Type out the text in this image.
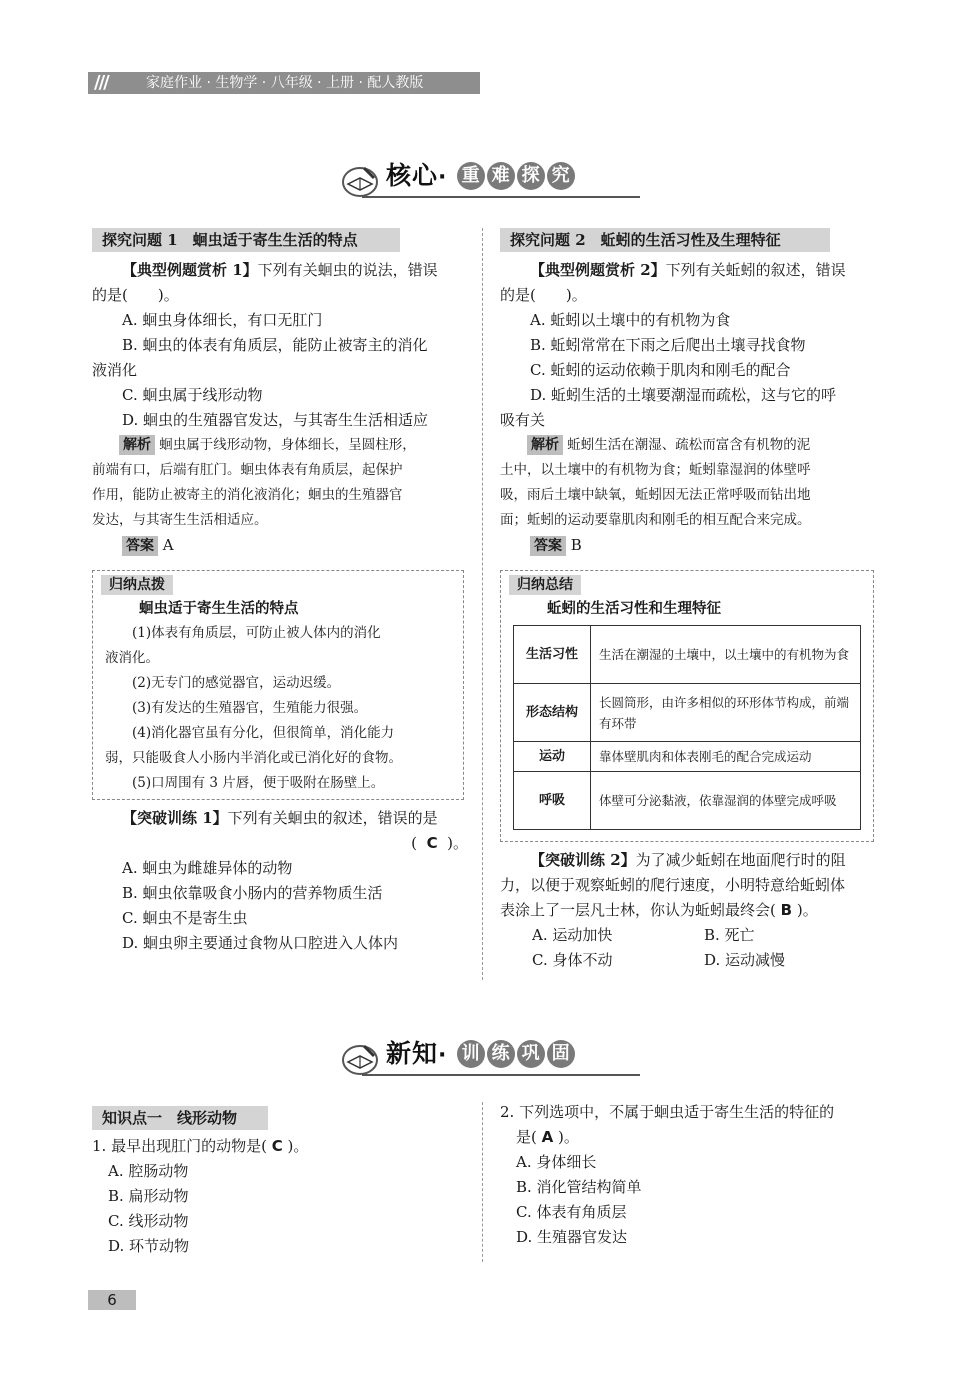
///	家庭作业 · 生物学 · 八年级 · 上册 · 配人教版
核心· 重 难 探 究
探究问题 1　蛔虫适于寄生生活的特点
【典型例题赏析 1】下列有关蛔虫的说法，错误
的是(　　)。
A. 蛔虫身体细长，有口无肛门
B. 蛔虫的体表有角质层，能防止被寄主的消化
液消化
C. 蛔虫属于线形动物
D. 蛔虫的生殖器官发达，与其寄生生活相适应
解析 蛔虫属于线形动物，身体细长，呈圆柱形，
前端有口，后端有肛门。蛔虫体表有角质层，起保护
作用，能防止被寄主的消化液消化；蛔虫的生殖器官
发达，与其寄生生活相适应。
答案 A
归纳点拨
蛔虫适于寄生生活的特点
(1)体表有角质层，可防止被人体内的消化
液消化。
(2)无专门的感觉器官，运动迟缓。
(3)有发达的生殖器官，生殖能力很强。
(4)消化器官虽有分化，但很简单，消化能力
弱，只能吸食人小肠内半消化或已消化好的食物。
(5)口周围有 3 片唇，便于吸附在肠壁上。
【突破训练 1】下列有关蛔虫的叙述，错误的是
( C )。
A. 蛔虫为雌雄异体的动物
B. 蛔虫依靠吸食小肠内的营养物质生活
C. 蛔虫不是寄生虫
D. 蛔虫卵主要通过食物从口腔进入人体内
探究问题 2　蚯蚓的生活习性及生理特征
【典型例题赏析 2】下列有关蚯蚓的叙述，错误
的是(　　)。
A. 蚯蚓以土壤中的有机物为食
B. 蚯蚓常常在下雨之后爬出土壤寻找食物
C. 蚯蚓的运动依赖于肌肉和刚毛的配合
D. 蚯蚓生活的土壤要潮湿而疏松，这与它的呼
吸有关
解析 蚯蚓生活在潮湿、疏松而富含有机物的泥
土中，以土壤中的有机物为食；蚯蚓靠湿润的体壁呼
吸，雨后土壤中缺氧，蚯蚓因无法正常呼吸而钻出地
面；蚯蚓的运动要靠肌肉和刚毛的相互配合来完成。
答案 B
归纳总结
蚯蚓的生活习性和生理特征
生活习性	生活在潮湿的土壤中，以土壤中的有机物为食
形态结构	长圆筒形，由许多相似的环形体节构成，前端有环带
运动	靠体壁肌肉和体表刚毛的配合完成运动
呼吸	体壁可分泌黏液，依靠湿润的体壁完成呼吸
【突破训练 2】为了减少蚯蚓在地面爬行时的阻
力，以便于观察蚯蚓的爬行速度，小明特意给蚯蚓体
表涂上了一层凡士林，你认为蚯蚓最终会( B )。
A. 运动加快	B. 死亡
C. 身体不动	D. 运动减慢
新知· 训 练 巩 固
知识点一　线形动物
1. 最早出现肛门的动物是( C )。
A. 腔肠动物
B. 扁形动物
C. 线形动物
D. 环节动物
2. 下列选项中，不属于蛔虫适于寄生生活的特征的
是( A )。
A. 身体细长
B. 消化管结构简单
C. 体表有角质层
D. 生殖器官发达
6
